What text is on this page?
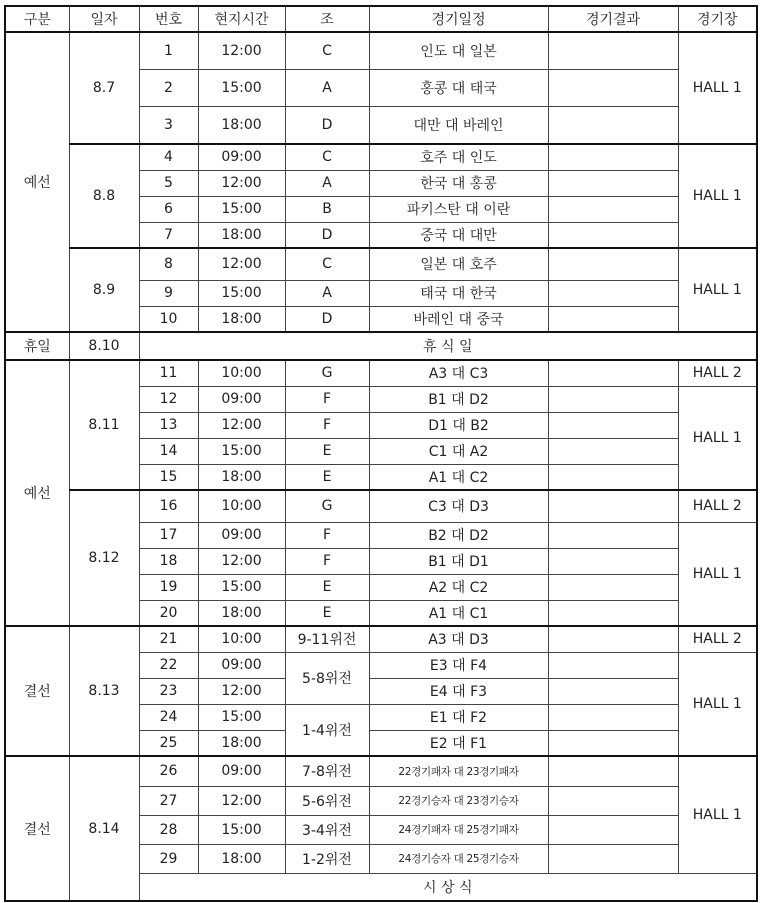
구분	일자	번호	현지시간	조	경기일정	경기결과	경기장
예선	8.7	1	12:00	C	인도 대 일본		HALL 1
		2	15:00	A	홍콩 대 태국		
		3	18:00	D	대만 대 바레인		
	8.8	4	09:00	C	호주 대 인도		HALL 1
		5	12:00	A	한국 대 홍콩		
		6	15:00	B	파키스탄 대 이란		
		7	18:00	D	중국 대 대만		
	8.9	8	12:00	C	일본 대 호주		HALL 1
		9	15:00	A	태국 대 한국		
		10	18:00	D	바레인 대 중국		
휴일	8.10	휴 식 일					
예선	8.11	11	10:00	G	A3 대 C3		HALL 2
		12	09:00	F	B1 대 D2		HALL 1
		13	12:00	F	D1 대 B2		
		14	15:00	E	C1 대 A2		
		15	18:00	E	A1 대 C2		
	8.12	16	10:00	G	C3 대 D3		HALL 2
		17	09:00	F	B2 대 D2		HALL 1
		18	12:00	F	B1 대 D1		
		19	15:00	E	A2 대 C2		
		20	18:00	E	A1 대 C1		
결선	8.13	21	10:00	9-11위전	A3 대 D3		HALL 2
		22	09:00	5-8위전	E3 대 F4		HALL 1
		23	12:00		E4 대 F3		
		24	15:00	1-4위전	E1 대 F2		
		25	18:00		E2 대 F1		
결선	8.14	26	09:00	7-8위전	22경기패자 대 23경기패자		HALL 1
		27	12:00	5-6위전	22경기승자 대 23경기승자		
		28	15:00	3-4위전	24경기패자 대 25경기패자		
		29	18:00	1-2위전	24경기승자 대 25경기승자		
		시 상 식					
